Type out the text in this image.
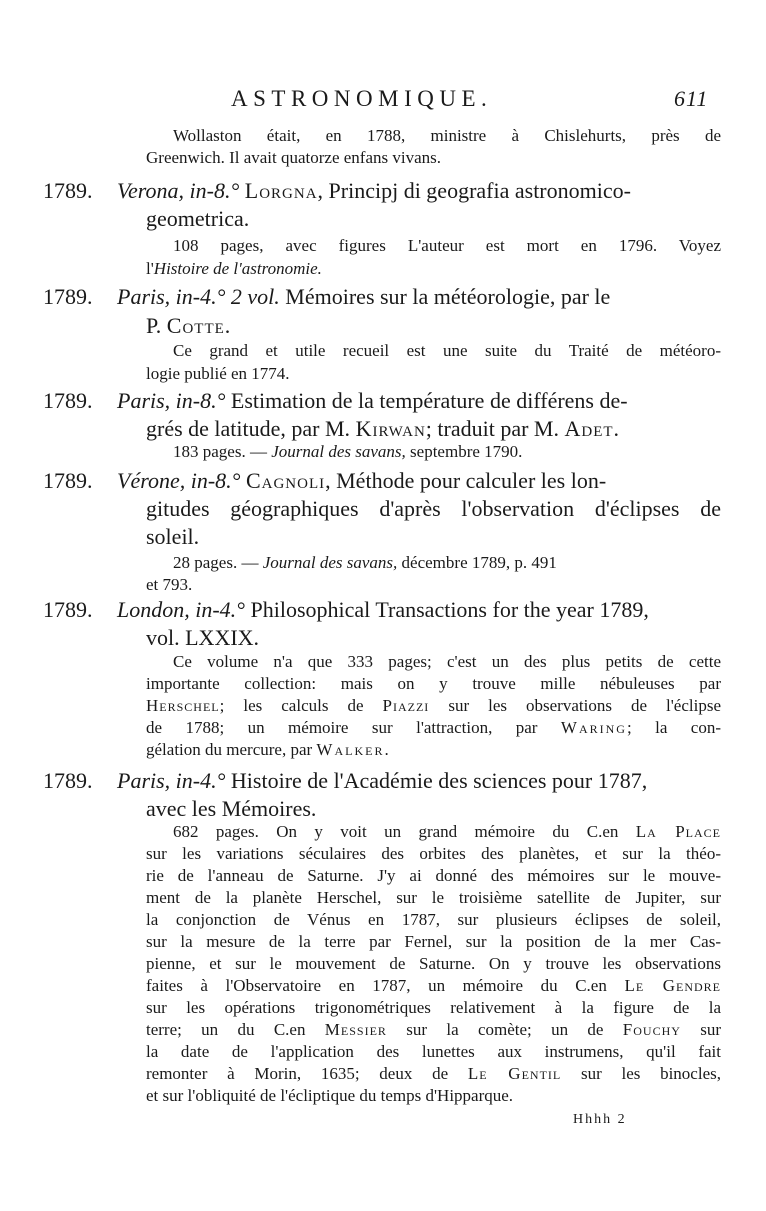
ASTRONOMIQUE.	611
Wollaston était, en 1788, ministre à Chislehurts, près de
Greenwich. Il avait quatorze enfans vivans.
1789. Verona, in-8.° Lorgna, Principj di geografia astronomico-
geometrica.
108 pages, avec figures L'auteur est mort en 1796. Voyez
l'Histoire de l'astronomie.
1789. Paris, in-4.° 2 vol. Mémoires sur la météorologie, par le
P. Cotte.
Ce grand et utile recueil est une suite du Traité de météoro-
logie publié en 1774.
1789. Paris, in-8.° Estimation de la température de différens de-
grés de latitude, par M. Kirwan; traduit par M. Adet.
183 pages. — Journal des savans, septembre 1790.
1789. Vérone, in-8.° Cagnoli, Méthode pour calculer les lon-
gitudes géographiques d'après l'observation d'éclipses de
soleil.
28 pages. — Journal des savans, décembre 1789, p. 491
et 793.
1789. London, in-4.° Philosophical Transactions for the year 1789,
vol. LXXIX.
Ce volume n'a que 333 pages; c'est un des plus petits de cette
importante collection: mais on y trouve mille nébuleuses par
Herschel; les calculs de Piazzi sur les observations de l'éclipse
de 1788; un mémoire sur l'attraction, par Waring; la con-
gélation du mercure, par Walker.
1789. Paris, in-4.° Histoire de l'Académie des sciences pour 1787,
avec les Mémoires.
682 pages. On y voit un grand mémoire du C.en La Place
sur les variations séculaires des orbites des planètes, et sur la théo-
rie de l'anneau de Saturne. J'y ai donné des mémoires sur le mouve-
ment de la planète Herschel, sur le troisième satellite de Jupiter, sur
la conjonction de Vénus en 1787, sur plusieurs éclipses de soleil,
sur la mesure de la terre par Fernel, sur la position de la mer Cas-
pienne, et sur le mouvement de Saturne. On y trouve les observations
faites à l'Observatoire en 1787, un mémoire du C.en Le Gendre
sur les opérations trigonométriques relativement à la figure de la
terre; un du C.en Messier sur la comète; un de Fouchy sur
la date de l'application des lunettes aux instrumens, qu'il fait
remonter à Morin, 1635; deux de Le Gentil sur les binocles,
et sur l'obliquité de l'écliptique du temps d'Hipparque.
Hhhh 2
